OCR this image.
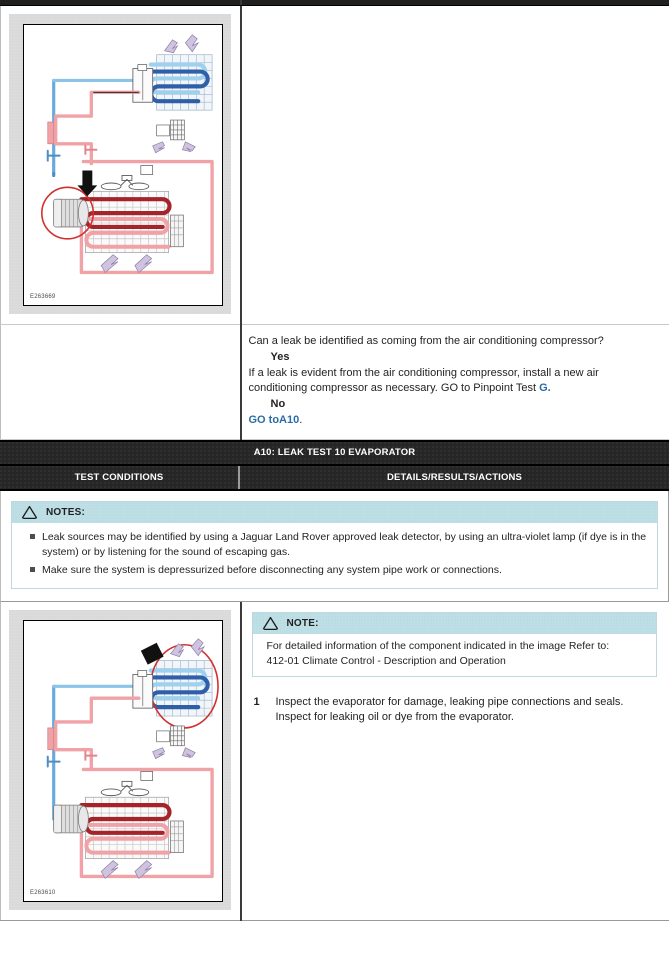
E263669	

	Can a leak be identified as coming from the air conditioning compressor?

Yes

If a leak is evident from the air conditioning compressor, install a new air conditioning compressor as necessary. GO to Pinpoint Test G.

No

GO toA10.

A10: LEAK TEST 10 EVAPORATOR
TEST CONDITIONS	DETAILS/RESULTS/ACTIONS
NOTES:
Leak sources may be identified by using a Jaguar Land Rover approved leak detector, by using an ultra-violet lamp (if dye is in the system) or by listening for the sound of escaping gas.
Make sure the system is depressurized before disconnecting any system pipe work or connections.
E263610

NOTE:

For detailed information of the component indicated in the image Refer to:

412-01 Climate Control - Description and Operation

1	Inspect the evaporator for damage, leaking pipe connections and seals. Inspect for leaking oil or dye from the evaporator.
